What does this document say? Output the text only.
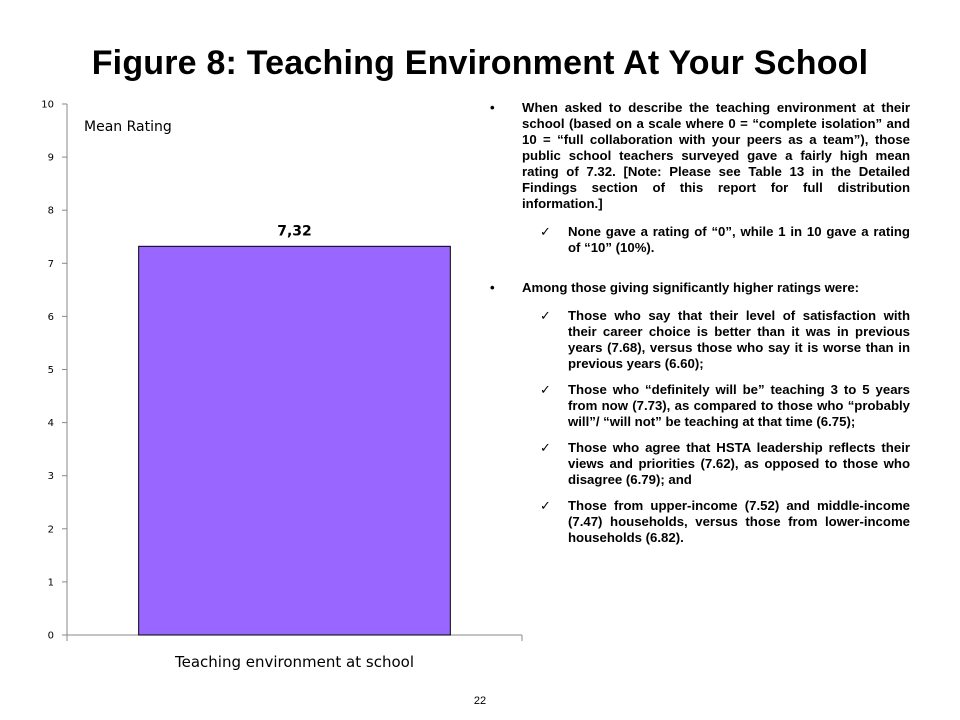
Figure 8: Teaching Environment At Your School
0
1
2
3
4
5
6
7
8
9
10
7,32
Teaching environment at school
Mean Rating
• When asked to describe the teaching environment at their school (based on a scale where 0 = “complete isolation” and 10 = “full collaboration with your peers as a team”), those public school teachers surveyed gave a fairly high mean rating of 7.32. [Note: Please see Table 13 in the Detailed Findings section of this report for full distribution information.]
✓ None gave a rating of “0”, while 1 in 10 gave a rating of “10” (10%).
• Among those giving significantly higher ratings were:
✓ Those who say that their level of satisfaction with their career choice is better than it was in previous years (7.68), versus those who say it is worse than in previous years (6.60);
✓ Those who “definitely will be” teaching 3 to 5 years from now (7.73), as compared to those who “probably will”/ “will not” be teaching at that time (6.75);
✓ Those who agree that HSTA leadership reflects their views and priorities (7.62), as opposed to those who disagree (6.79); and
✓ Those from upper-income (7.52) and middle-income (7.47) households, versus those from lower-income households (6.82).
22
